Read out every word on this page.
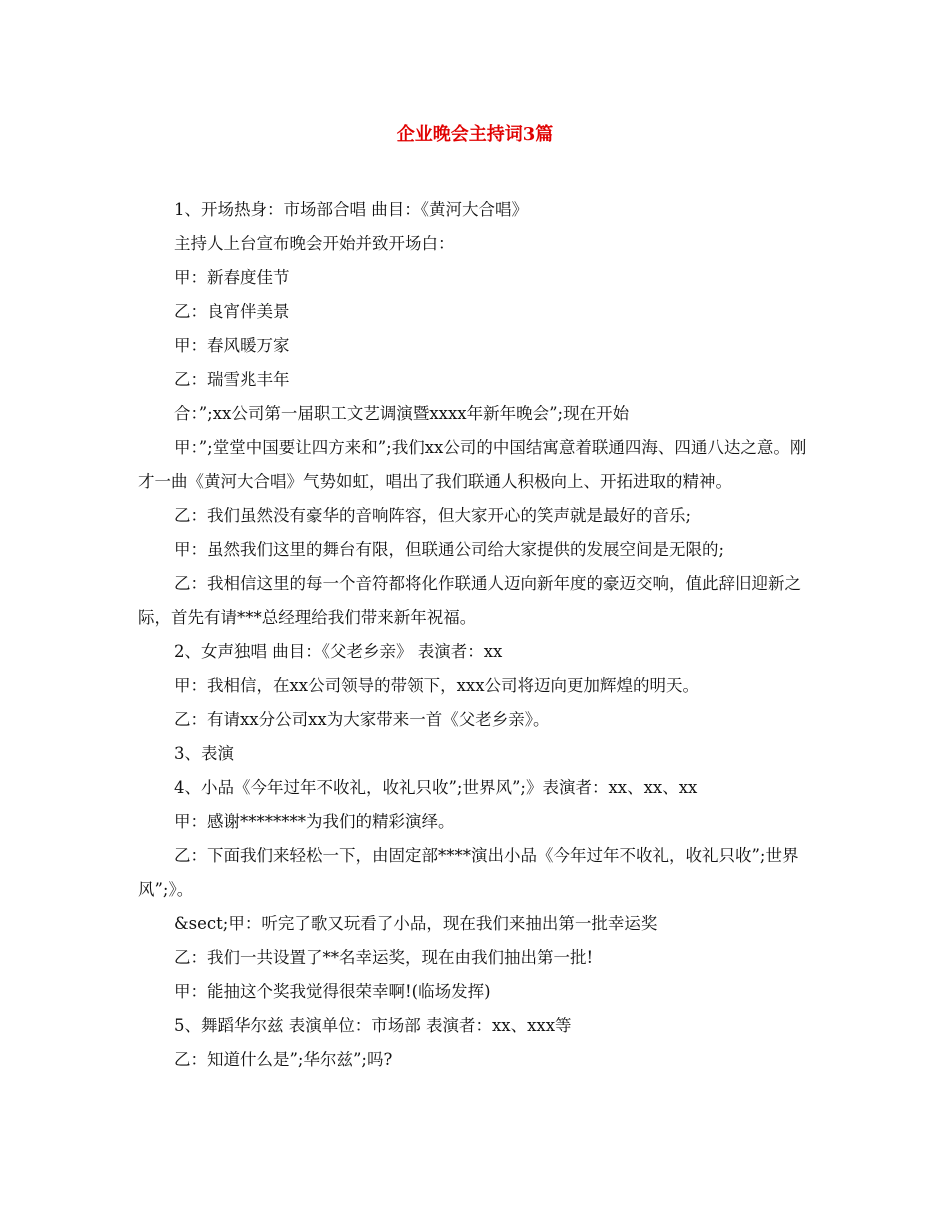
企业晚会主持词3篇

1、开场热身：市场部合唱 曲目：《黄河大合唱》

主持人上台宣布晚会开始并致开场白：

甲：新春度佳节

乙：良宵伴美景

甲：春风暖万家

乙：瑞雪兆丰年

合：”;xx公司第一届职工文艺调演暨xxxx年新年晚会”;现在开始

甲：”;堂堂中国要让四方来和”;我们xx公司的中国结寓意着联通四海、四通八达之意。刚才一曲《黄河大合唱》气势如虹，唱出了我们联通人积极向上、开拓进取的精神。

乙：我们虽然没有豪华的音响阵容，但大家开心的笑声就是最好的音乐;

甲：虽然我们这里的舞台有限，但联通公司给大家提供的发展空间是无限的;

乙：我相信这里的每一个音符都将化作联通人迈向新年度的豪迈交响，值此辞旧迎新之际，首先有请***总经理给我们带来新年祝福。

2、女声独唱 曲目：《父老乡亲》 表演者：xx

甲：我相信，在xx公司领导的带领下，xxx公司将迈向更加辉煌的明天。

乙：有请xx分公司xx为大家带来一首《父老乡亲》。

3、表演

4、小品《今年过年不收礼，收礼只收”;世界风”;》表演者：xx、xx、xx

甲：感谢********为我们的精彩演绎。

乙：下面我们来轻松一下，由固定部****演出小品《今年过年不收礼，收礼只收”;世界风”;》。

&sect;甲：听完了歌又玩看了小品，现在我们来抽出第一批幸运奖

乙：我们一共设置了**名幸运奖，现在由我们抽出第一批!

甲：能抽这个奖我觉得很荣幸啊!(临场发挥)

5、舞蹈华尔兹 表演单位：市场部 表演者：xx、xxx等

乙：知道什么是”;华尔兹”;吗?
